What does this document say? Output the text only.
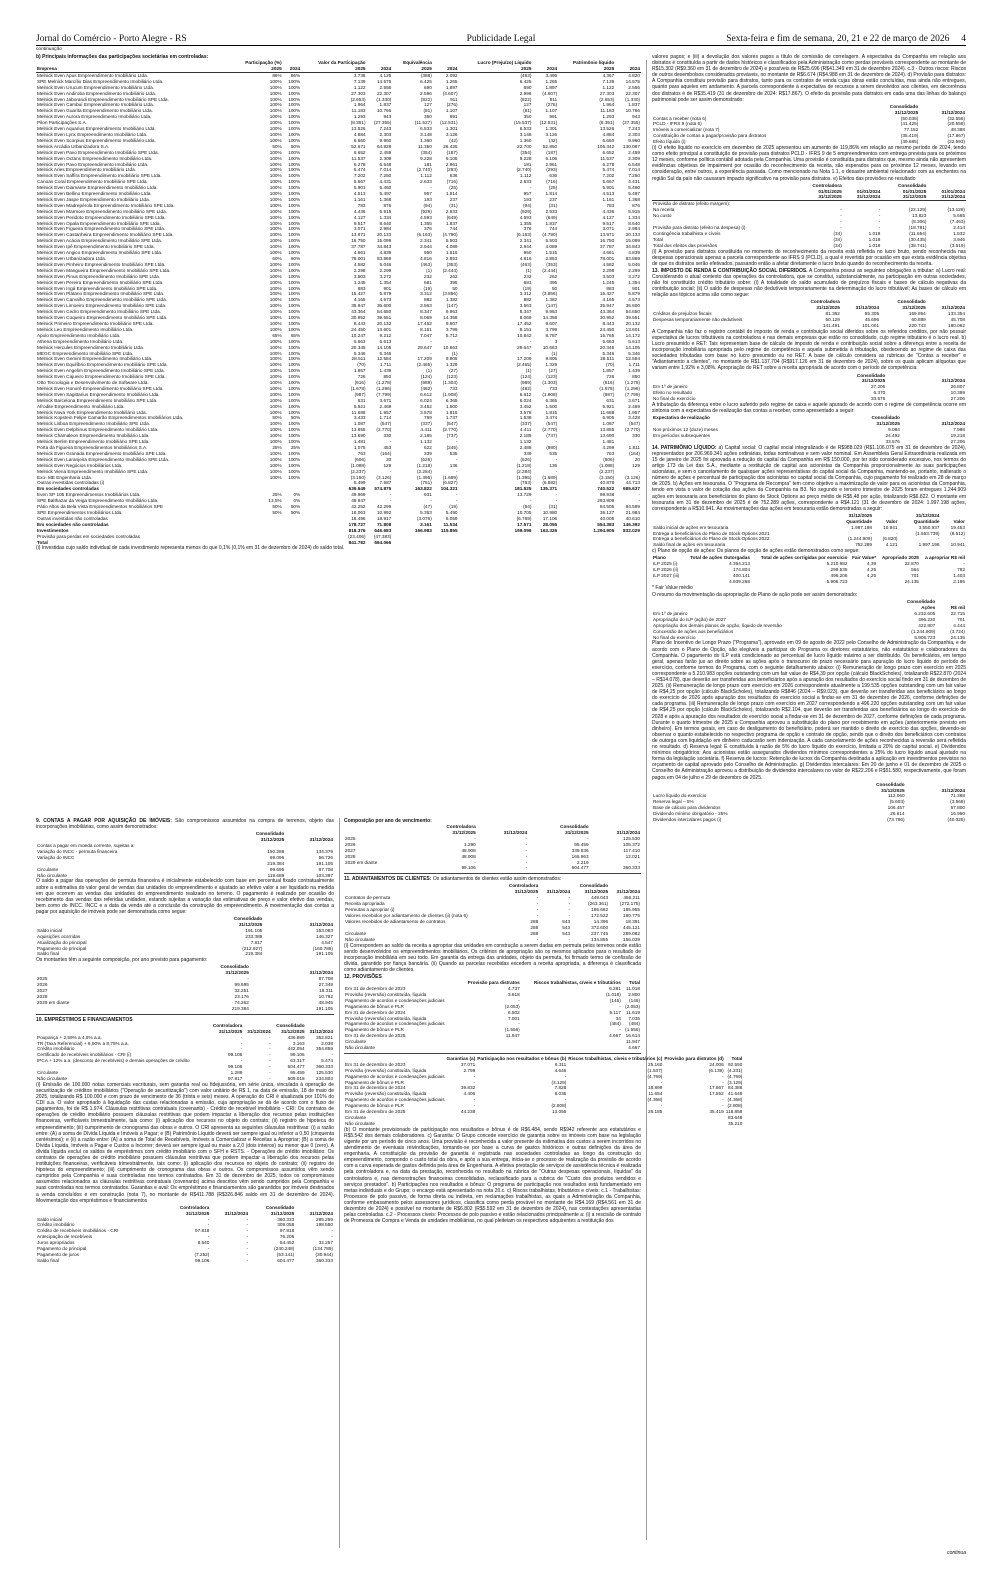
Jornal do Comércio - Porto Alegre - RS	Publicidade Legal	Sexta-feira e fim de semana, 20, 21 e 22 de março de 2026 4
continuação
b) Principais informações das participações societárias em controladas:
	Participação (%)		Valor da Participação		Equivalência		Lucro (Prejuízo) Líquido		Patrimônio líquido	
Empresa	2025	2024	2025	2024	2025	2024	2025	2024	2025	2024
Melnick Even Apus Empreendimento Imobiliário Ltda.	86%	86%	3.738	4.126	(388)	2.092	(453)	3.495	4.367	4.820
SPE Melnick Marcílio Dias Empreendimento Imobiliário Ltda.	100%	100%	7.139	14.575	6.425	1.265	6.425	1.265	7.139	14.575
Melnick Even Urucum Empreendimento Imobiliário Ltda.	100%	100%	1.122	2.556	690	1.897	690	1.897	1.122	2.556
Melnick Even Andiroba Empreendimento Imobiliário Ltda.	100%	100%	27.303	22.307	2.596	(4.607)	2.996	(4.607)	27.303	22.307
Melnick Even Jaborandi Empreendimento Imobiliário SPE Ltda.	100%	100%	(2.653)	(1.330)	(822)	911	(822)	911	(2.653)	(1.330)
Melnick Even Cambuí Empreendimento Imobiliário Ltda.	100%	100%	1.964	1.837	127	(276)	127	(276)	1.964	1.837
Melnick Even Guarita Empreendimento Imobiliário Ltda.	100%	100%	11.183	10.766	(81)	1.107	(81)	1.107	11.183	10.766
Melnick Even Aurora Empreendimento Imobiliário Ltda.	100%	100%	1.293	943	350	991	350	991	1.293	943
Pilon Participações S.A.	100%	100%	(8.351)	(27.355)	(11.527)	(12.531)	(15.537)	(12.531)	(8.351)	(27.355)
Melnick Even Aquarius Empreendimento Imobiliário Ltda.	100%	100%	13.526	7.243	6.533	1.301	6.533	1.301	13.526	7.243
Melnick Even Lynx Empreendimento Imobiliário Ltda.	100%	100%	4.884	2.303	3.148	3.126	3.148	3.126	4.884	2.303
Melnick Even Scorpius Empreendimento Imobiliário Ltda.	100%	100%	6.660	9.960	1.360	(42)	1.360	(42)	6.660	9.960
Melnick Arcádia Urbanizadora S.A.	50%	50%	52.671	64.828	11.350	26.425	22.700	52.850	105.342	130.087
Melnick Even Pavo Empreendimento Imobiliário SPE Ltda.	100%	100%	6.652	2.459	(354)	(187)	(354)	(187)	6.652	2.459
Melnick Even Octans Empreendimento Imobiliário Ltda.	100%	100%	11.537	2.309	9.228	6.105	9.228	6.105	11.537	2.309
Melnick Even Pavo Empreendimento Imobiliário Ltda.	100%	100%	6.278	6.548	181	2.961	181	2.961	6.278	6.548
Melnick Aries Empreendimento Imobiliário Ltda.	100%	100%	5.474	7.014	(2.740)	(293)	(2.740)	(293)	5.474	7.014
Melnick Even Saffira Empreendimento Imobiliário SPE Ltda.	100%	100%	7.202	7.250	1.112	636	1.112	636	7.202	7.250
Canoas Coral Empreendimento Imobiliário SPE Ltda.	100%	100%	5.667	4.431	2.633	(716)	2.633	(716)	5.667	4.431
Melnick Even Diamante Empreendimento Imobiliário Ltda.	100%	100%	5.901	5.460	-	(25)	-	(25)	5.901	5.460
Melnick Even Bellino Empreendimento Imobiliário Ltda.	100%	100%	4.513	5.497	957	1.814	957	1.814	4.513	5.497
Melnick Even Jaspe Empreendimento Imobiliário Ltda.	100%	100%	1.161	1.368	193	237	193	237	1.161	1.368
Melnick Even Madrepérola Empreendimento Imobiliário SPE Ltda.	100%	100%	783	876	(94)	(31)	(94)	(31)	783	876
Melnick Even Marmore Empreendimento Imobiliário SPE Ltda.	100%	100%	4.436	5.915	(929)	2.933	(929)	2.933	4.436	5.915
Melnick Even Peridoto Empreendimento Imobiliário SPE Ltda.	100%	100%	4.127	1.334	4.593	(649)	4.593	(649)	4.127	1.334
Melnick Even Opala Empreendimento Imobiliário SPE Ltda.	100%	100%	9.517	8.640	1.355	1.837	1.355	1.837	9.517	8.640
Melnick Even Figueira Empreendimento Imobiliário SPE Ltda.	100%	100%	3.071	2.984	376	744	376	744	3.071	2.984
Melnick Even Castanheira Empreendimento Imobiliário SPE Ltda.	100%	100%	13.971	20.133	(6.163)	(4.790)	(6.163)	(4.790)	13.971	20.133
Melnick Even Acácia Empreendimento Imobiliário SPE Ltda.	100%	100%	16.750	15.099	2.341	5.503	2.341	5.503	16.750	15.099
Melnick Even Ipê Empreendimento Imobiliário SPE Ltda.	100%	100%	37.787	34.843	2.944	4.089	2.944	4.089	37.787	34.843
Melnick Even Angico Empreendimento Imobiliário SPE Ltda.	100%	100%	4.661	4.839	950	1.515	950	1.515	4.661	4.839
Melnick Even Urbanizadora Ltda.	60%	60%	78.001	83.869	4.816	2.853	4.816	2.853	78.001	83.869
Melnick Even Pinheiro Empreendimento Imobiliário SPE Ltda.	100%	100%	4.582	5.046	(463)	(353)	(463)	(353)	4.582	5.046
Melnick Even Mangueira Empreendimento Imobiliário SPE Ltda.	100%	100%	2.298	2.299	(1)	(2.444)	(1)	(2.444)	2.298	2.299
Melnick Even Pinus Empreendimento Imobiliário SPE Ltda.	100%	100%	3.503	3.272	232	262	232	262	3.503	3.272
Melnick Even Pereira Empreendimento Imobiliário SPE Ltda.	100%	100%	1.245	1.354	681	395	681	395	1.245	1.354
Melnick Even Ingá Empreendimento Imobiliário SPE Ltda.	100%	100%	883	901	(19)	50	(19)	50	883	901
Melnick Even Plátano Empreendimento Imobiliário SPE Ltda.	100%	100%	15.427	5.879	3.312	(3.856)	3.312	(3.856)	15.427	5.879
Melnick Even Carvalho Empreendimento Imobiliário SPE Ltda.	100%	100%	4.165	4.573	882	1.382	882	1.382	4.165	4.573
Melnick Even Limoeiro Empreendimento Imobiliário SPE Ltda.	100%	100%	35.947	36.600	3.563	(147)	3.563	(147)	35.947	36.600
Melnick Even Cedro Empreendimento Imobiliário SPE Ltda.	100%	100%	43.364	54.650	8.347	9.963	8.347	9.963	43.364	54.650
Melnick Even Coqueiro Empreendimento Imobiliário SPE Ltda.	100%	100%	30.952	39.551	8.069	14.358	8.069	14.358	30.952	39.551
Melnick Primeiro Empreendimento Imobiliário SPE Ltda.	100%	100%	8.443	20.132	17.452	9.607	17.452	9.607	8.443	20.132
Melnick Leo Empreendimento Imobiliário Ltda.	100%	100%	24.450	13.601	8.151	3.799	8.151	3.799	24.450	13.601
Apolo Empreendimento Imobiliário Ltda.	65%	65%	10.247	9.212	7.047	5.712	10.842	8.787	15.765	14.172
Athena Empreendimento Imobiliário Ltda.	100%	100%	5.663	5.613	-	-	-	3	5.663	5.613
Melnick Hercules Empreendimento Imobiliário Ltda.	100%	100%	20.345	14.105	29.647	10.663	29.647	10.663	20.345	14.105
MEGC Empreendimento Imobiliário SPE Ltda.	100%	100%	5.346	5.346	-	(1)	-	(1)	5.346	5.346
Melnick Even Gemini Empreendimento Imobiliário Ltda.	100%	100%	28.511	12.584	17.209	9.805	17.209	9.805	28.511	12.584
Melnick Even Equilíbrio Empreendimento Imobiliário SPE Ltda.	100%	100%	(70)	1.711	(2.465)	1.329	(2.465)	1.329	(70)	1.711
Melnick Even Angelim Empreendimento Imobiliário SPE Ltda.	100%	100%	1.857	1.439	(1)	(27)	(1)	(27)	1.857	1.439
Melnick Even Cajueiro Empreendimento Imobiliário SPE Ltda.	100%	100%	726	850	(124)	(123)	(124)	(123)	726	850
Otto Tecnologia e Desenvolvimento de Software Ltda.	100%	100%	(616)	(1.278)	(989)	(1.303)	(989)	(1.303)	(616)	(1.278)
Melnick Even Honorê Empreendimento Imobiliário SPE Ltda.	100%	100%	(1.678)	(1.296)	(482)	733	(482)	733	(1.678)	(1.296)
Melnick Even Sagittarius Empreendimento Imobiliário Ltda.	100%	100%	(987)	(7.799)	6.612	(1.908)	6.612	(1.908)	(987)	(7.799)
Melnick Barcelona Empreendimento Imobiliário SPE Ltda.	100%	100%	631	3.671	6.024	6.365	6.024	6.365	631	3.671
Afrodite Empreendimento Imobiliário Ltda.	100%	100%	5.921	2.469	3.452	1.500	3.452	1.500	5.921	2.469
Melnick Nova York Empreendimento Imobiliário Ltda.	100%	100%	11.688	1.957	3.578	1.815	3.578	1.815	11.688	1.957
Melnick Kopstein Felipe Camarão Empreendimentos Imobiliários Ltda.	50%	50%	3.433	1.714	769	1.737	1.538	3.474	6.905	3.428
Melnick Lisboa Empreendimento Imobiliário SPE Ltda.	100%	100%	1.087	(547)	(337)	(547)	(337)	(547)	1.087	(547)
Melnick Even Delphinus Empreendimento Imobiliário Ltda.	100%	100%	13.855	(2.770)	4.411	(2.770)	4.411	(2.770)	13.855	(2.770)
Melnick Chamaleon Empreendimento Imobiliário Ltda.	100%	100%	13.690	330	2.185	(737)	2.185	(737)	13.690	330
Melnick Berlim Empreendimento Imobiliário SPE Ltda.	100%	100%	1.481	-	1.132	-	1.132	-	1.481	-
Porta da Figueira Empreendimentos Imobiliários S.A.	25%	25%	1.075	453	622	(245)	2.488	(980)	4.299	1.811
Melnick Even Granada Empreendimento Imobiliário SPE Ltda.	100%	100%	763	(164)	339	535	339	535	763	(164)
Melnick Even Laranjeira Empreendimento Imobiliário SPE Ltda.	100%	100%	(606)	20	(626)	-	(626)	-	(606)	20
Melnick Even Negócios Imobiliários Ltda.	100%	100%	(1.088)	129	(1.218)	136	(1.218)	136	(1.088)	129
Melnick Viena Empreendimento Imobiliário SPE Ltda.	100%	100%	(2.237)	-	(2.284)	-	(2.284)	-	(2.237)	-
Exo- ME Engenharia Ltda.	100%	100%	(3.150)	(3.126)	(1.395)	(1.689)	(1.395)	(1.689)	(3.150)	(3.126)
Outras investidas controladas (i)			5.499	7.587	(751)	(6.827)	(763)	(6.882)	40.878	44.713
Em sociedades controladas			639.649	574.875	163.822	104.321	181.525	135.371	740.522	685.637
Even SP 105 Empreendimentos Imobiliários Ltda.	25%	0%	49.969	-	931	-	13.729	-	99.938	-
SPE Balthazar da Veiga Empreendimento Imobiliário Ltda.	13,5%	0%	49.947	-	-	-	-	-	293.809	-
Pátio Altos da Bela Vista Empreendimentos Imobiliários SPE	50%	50%	42.252	42.299	(47)	(19)	(94)	(31)	84.505	84.599
SPE Empreendimentos Imobiliários Ltda.	50%	50%	18.063	10.992	5.353	5.490	10.705	10.980	36.127	21.984
Outras investidas não controladas			18.496	18.917	(3.076)	6.059	(6.769)	17.106	40.005	40.610
Em sociedades não controladas			178.727	71.808	3.161	11.534	17.571	28.055	554.383	146.392
Investimentos			818.376	646.683	166.983	115.855	199.096	163.326	1.294.905	832.029
Provisão para perdas em sociedades controladas			(23.406)	(47.383)						
Total			841.782	694.066						
(i) Investidas cujo saldo individual de cada investimento representa menos do que 0,1% (0,1% em 31 de dezembro de 2024) do saldo total.

valores pagos; e (iii) a devolução dos valores pagos a título de comissão de corretagem. A expectativa da Companhia em relação aos distratos é constituída a partir de dados históricos e classificados pela Administração como perdas prováveis correspondente ao montante de R$15.302 (R$9.360 em 31 de dezembro de 2024) e possíveis de R$25.696 (R$41.349 em 31 de dezembro 2024). c.3 - Outros riscos: Riscos de outros desembolsos considerados prováveis, no montante de R$6.674 (R$4.988 em 31 de dezembro de 2024). d) Provisão para distratos: A Companhia constituiu provisão para distratos, tanto para os contratos de venda cujas obras estão concluídas, mas ainda não entregues, quanto para aqueles em andamento. A parcela correspondente à expectativa de recursos a serem devolvidos aos clientes, em decorrência dos distratos é de R$35.419 (31 de dezembro de 2024: R$17.867). O efeito da provisão para distratos em cada uma das linhas do balanço patrimonial pode ser assim demonstrado:

	Consolidado	
	31/12/2025	31/12/2024
Contas a receber (nota 6)	(50.035)	(32.556)
PCLD - IFRS 9 (nota 6)	(41.425)	(20.558)
Imóveis a comercializar (nota 7)	77.152	48.388
Constituição de contas a pagar/provisão para distratos	(35.419)	(17.867)
Efeito líquido (i)	(49.685)	(22.593)

(i) O efeito líquido no exercício em dezembro de 2025 apresentou um aumento de 119,86% em relação ao mesmo período de 2024, tendo como efeito principal a constituição de provisão para distratos PCLD - IFRS 9 de 5 empreendimentos com entrega prevista para os próximos 12 meses, conforme política contábil adotada pela Companhia. Uma provisão é constituída para distratos que, mesmo ainda não apresentem evidências objetivas de impairment por ocasião do reconhecimento da receita, são esperados para os próximos 12 meses, levando em consideração, entre outros, a experiência passada. Como mencionado na Nota 1.1, o desastre ambiental relacionado com as enchentes na região Sul da país não causaram impacto significativo na provisão para distratos. e) Efeitos das provisões no resultado

	Controladora		Consolidado	
	01/01/2025	01/01/2024	01/01/2025	01/01/2024
	31/12/2025	31/12/2024	31/12/2025	31/12/2024
Provisão de distrato (efeito margem):				
Na receita	-	-	(22.129)	(13.128)
No custo	-	-	13.823	5.665
	-	-	(8.306)	(7.463)
Provisão para distrato (efeito na despesa) (i)	-	-	(18.781)	2.414
Contingência trabalhista e cíveis	(34)	1.018	(11.654)	1.532
Total	(34)	1.018	(30.435)	3.946
Total dos efeitos das provisões	(34)	1.018	(38.741)	(3.519)

(i) A provisão para distratos constituída no momento do reconhecimento da receita está refletida no lucro bruto, sendo reconhecida nas despesas operacionais apenas a parcela correspondente ao IFRS 9 (PCLD), a qual é revertida por ocasião em que exista evidência objetiva de que os distratos serão efetivados, passando então a afetar diretamente o lucro bruto quando do reconhecimento da receita.

13. IMPOSTO DE RENDA E CONTRIBUIÇÃO SOCIAL DIFERIDOS. A Companhia possui as seguintes obrigações a tributar: a) Lucro real: Considerando o atual contexto das operações da controladora, que se constitui, substancialmente, na participação em outras sociedades, não foi constituído crédito tributário sobre: (i) A totalidade do saldo acumulado de prejuízos fiscais e bases de cálculo negativas da contribuição social; (ii) O saldo de despesas não dedutíveis temporariamente na determinação do lucro tributável; As bases de cálculo em relação aos tópicos acima são como segue:

	Controladora		Consolidado	
	31/12/2025	31/12/2024	31/12/2025	31/12/2024
Créditos de prejuízos fiscais	81.362	55.305	159.854	133.354
Despesas temporariamente não dedutíveis	60.129	45.696	60.889	45.708
	141.491	101.001	220.743	180.062

A Companhia não faz o registro contábil do imposto de renda e contribuição social diferidos sobre os referidos créditos, por não possuir expectativa de lucros tributáveis na controladora e nas demais empresas que estão no consolidado, cujo regime tributário é o lucro real. b) Lucro presumido e RET: Tais representam base de cálculo de imposto de renda e contribuição social sobre a diferença entre a receita de incorporação imobiliária apropriada pelo regime de competência e aquela submetida à tributação, obedecendo ao regime de caixa das sociedades tributadas com base no lucro presumido ou no RET. A base de cálculo considera as rubricas de "Contas a receber" e "Adiantamento a clientes", no montante de R$1.137.704 (R$917.126 em 31 de dezembro de 2024), sobre os quais aplicam alíquotas que variam entre 1,92% e 3,08%. Apropriação do RET sobre a receita apropriada de acordo com o período de competência:

	Consolidado	
	31/12/2025	31/12/2024
Em 1º de janeiro	27.206	26.807
Efeito no resultado	6.370	10.399
No final do exercício	33.576	27.206

A tributação da diferença entre o lucro auferido pelo regime de caixa e aquele apurado de acordo com o regime de competência ocorre em sintonia com a expectativa de realização das contas a receber, como apresentado a seguir:

Expectativa de realização	Consolidado	
	31/12/2025	31/12/2024
Nos próximos 12 (doze) meses	9.084	7.988
Em períodos subsequentes	24.492	19.218
	33.576	27.206

14. PATRIMÔNIO LÍQUIDO: a) Capital social: O capital social integralizado é de R$988.029 (R$1.106.075 em 31 de dezembro de 2024), representados por 206.969.341 ações ordinárias, todas nominativas e sem valor nominal. Em Assembleia Geral Extraordinária realizada em 15 de janeiro de 2025 foi aprovada a redução do capital da Companhia em R$ 150.000, por ter sido considerado excessivo, nos termos do artigo 173 da Lei das S.A., mediante a restituição de capital aos acionistas da Companhia proporcionalmente às suas participações acionárias, e sem o cancelamento de quaisquer ações representativas do capital social da Companhia, mantendo-se, portanto, inalterado o número de ações e percentual de participação dos acionistas no capital social da Companhia, cujo pagamento foi realizado em 28 de março de 2025. b) Ações em tesouraria. O "Programa de Recompra" tem como objetivo a maximização de valor para os acionistas da Companhia, tendo em vista o valor de cotação das ações da Companhia na B3. No segundo e terceiro trimestre de 2025 foram entregues 1.244.909 ações em tesouraria aos beneficiários do plano de Stock Options ao preço médio de R$5,48 por ação, totalizando R$6.822. O montante em tesouraria em 31 de dezembro de 2025 é de 752.289 ações, correspondente a R$4.121 (31 de dezembro de 2024: 1.997.198 ações, correspondente a R$10.941. As movimentações das ações em tesouraria estão demonstradas a seguir:

	31/12/2025		31/12/2024	
	Quantidade	Valor	Quantidade	Valor
Saldo inicial de ações em tesouraria	1.997.198	10.941	3.550.937	19.453
Entrega a beneficiários do Plano de Stock Options 2021	-	-	(1.553.739)	(8.512)
Entrega a beneficiários do Plano de Stock Options 2022	(1.244.909)	(6.820)	-	-
Saldo final de ações em tesouraria	752.289	4.121	1.997.198	10.941

c) Plano de opção de ações: Os planos de opção de ações estão demonstrados como segue:

Plano	Total de ações Outorgadas	Total de ações corrigidas por exercício	Fair Value*	Apropriado 2025	a apropriar R$ mil
ILP 2025 (i)	4.364.213	5.210.982	4,39	22.870	-
ILP 2026 (ii)	174.804	299.535	4,25	564	782
ILP 2027 (iii)	400.141	496.206	4,25	701	1.403
	4.939.268	5.906.723		24.135	2.185

* Fair Value médio

O resumo da movimentação da apropriação do Plano de ação pode ser assim demonstrado:

	Consolidado	
	Ações	R$ mil
Em 1º de janeiro	6.232.605	22.715
Apropriação do ILP (ação) de 2027	496.220	701
Apropriação dos demais planos de opção, líquido de reversão	422.807	4.444
Concessão de ações aos beneficiários	(1.244.909)	(3.724)
No final do exercício	5.906.723	24.135

Plano de Incentivo de Longo Prazo ("Programa"), aprovado em 09 de agosto de 2022 pelo Conselho de Administração da Companhia, e de acordo com o Plano de Opção, são elegíveis a participar do Programa os diretores estatutários, não estatutários e colaboradores da Companhia. O pagamento do ILP está condicionado ao percentual de lucro líquido máximo a ser distribuído. Os beneficiários, em tempo geral, apenas farão jus ao direito sobre as ações após o transcurso do prazo necessário para apuração do lucro líquido do período de exercício, conforme termos do Programa, com o seguinte detalhamento abaixo: (i) Remuneração de longo prazo com exercício em 2025 correspondente a 5.210.983 opções outstanding com um fair value de R$4,39 por opção (cálculo BlackScholes), totalizando R$22.870 (2024 – R$14.078), que deverão ser transferidas aos beneficiários após a apuração dos resultados do exercício social findo em 31 de dezembro de 2025. (ii) Remuneração de longo prazo com exercício em 2026 correspondente atualmente a 199.535 opções outstanding com um fair value de R$4,25 por opção (cálculo BlackScholes), totalizando R$846 (2024 – R$9.023), que deverão ser transferidas aos beneficiários ao longo do exercício de 2026 após apuração dos resultados do exercício social a findar-se em 31 de dezembro de 2026, conforme definições de cada programa. (iii) Remuneração de longo prazo com exercício em 2027 correspondendo a 496.220 opções outstanding com um fair value de R$4,25 por opção (cálculo BlackScholes), totalizando R$2.104, que deverão ser transferidas aos beneficiários ao longo do exercício de 2028 e após a apuração dos resultados do exercício social a findar-se em 31 de dezembro de 2027, conforme definições de cada programa. Durante o quarto trimestre de 2025 a Companhia aprovou a substituição do plano por recebimento em ações (anteriormente previsto em dinheiro). Em termos gerais, em caso de desligamento do beneficiário, poderá ser mantido o direito de exercício das opções, devendo-se observar o quanto estabelecido no respectivo programa de opção e contrato de opção, sendo que o direito dos beneficiários com contratos de outorga com liquidação em dinheiro caducarão sem indenização. A cada cancelamento de ações reconhecidas a reversão será refletida no resultado. d) Reserva legal: É constituída à razão de 5% do lucro líquido do exercício, limitada a 20% do capital social. e) Dividendos mínimos obrigatórios: Aos acionistas estão assegurados dividendos mínimos correspondentes a 25% do lucro líquido anual ajustado na forma da legislação societária. f) Reserva de lucros: Retenção de lucros da Companhia destinada a aplicação em investimentos previstos no orçamento de capital aprovado pelo Conselho de Administração. g) Dividendos intercalares: Em 20 de junho e 01 de dezembro de 2025 o Conselho de Administração aprovou a distribuição de dividendos intercalares no valor de R$22.206 e R$51.580, respectivamente, que foram pagos em 04 de julho e 29 de dezembro de 2025.

	Consolidado	
	31/12/2025	31/12/2024
Lucro líquido do exercício	112.060	71.368
Reserva legal – 5%	(5.603)	(3.568)
Base de cálculo para dividendos	106.457	67.800
Dividendo mínimo obrigatório - 25%	26.614	16.950
Dividendos intercalares pagos (i)	(73.786)	(40.025)

9. CONTAS A PAGAR POR AQUISIÇÃO DE IMÓVEIS: São compromissos assumidos na compra de terrenos, objeto das incorporações imobiliárias, como assim demonstrados:

	Consolidado	
	31/12/2025	31/12/2024
Contas a pagar em moeda corrente, sujeitas a:		
Variação do INCC - permuta financeira	150.288	134.379
Variação do INCC	69.096	56.726
	219.384	191.105
Circulante	99.695	87.708
Não circulante	119.689	103.397

O saldo a pagar das operações de permuta financeira é inicialmente estabelecido com base em percentual fixado contratualmente sobre a estimativa do valor geral de vendas das unidades do empreendimento e ajustado ao efetivo valor a ser liquidado na medida em que ocorrem as vendas das unidades do empreendimento realizado no terreno. O pagamento é realizado por ocasião do recebimento das vendas das referidas unidades, estando sujeitas a variação das estimativas de preço e valor efetivo das vendas, bem como do INCC. INCC e a data da venda até a conclusão da construção do empreendimento. A movimentação das contas a pagar por aquisição de imóveis pode ser demonstrada como segue:

	Consolidado	
	31/12/2025	31/12/2024
Saldo inicial	191.105	153.083
Aquisições ocorridas	233.389	146.327
Atualização do principal	7.817	4.547
Pagamento do principal	(212.927)	(160.788)
Saldo final	219.384	191.105

Os montantes têm a seguinte composição, por ano previsto para pagamento:

	Consolidado	
	31/12/2025	31/12/2024
2025	-	87.708
2026	99.695	27.349
2027	32.251	18.311
2028	23.176	10.792
2029 em diante	74.262	48.945
	219.384	191.105
10. EMPRÉSTIMOS E FINANCIAMENTOS
	Controladora		Consolidado	
	31/12/2025	31/12/2024	31/12/2025	31/12/2024
Poupança + 2,59% a 4,5% a.a.	-	-	436.889	352.821
TR (Taxa Referencial) + 6,90% a 8,75% a.a.	-	-	3.163	2.038
Crédito imobiliário	-	-	442.054	354.859
Certificado de recebíveis imobiliários - CRI (i)	99.106	-	99.106	-
IPCA + 12% a.a. (desconto de recebíveis) e demais operações de crédito	-	-	63.317	5.474
	99.106	-	604.477	360.333
Circulante	1.289	-	95.459	125.530
Não circulante	97.817	-	509.018	234.803

(i) Emissão de 100.000 notas comerciais escriturais, sem garantia real ou fidejussória, em série única, vinculada à operação de securitização de créditos imobiliários ("Operação de securitização") com valor unitário de R$ 1, na data de emissão, 18 de maio de 2025, totalizando R$ 100.000 e com prazo de vencimento de 36 (trinta e seis) meses. A operação do CRI é atualizada por 101% do CDI a.a. O valor apropriado à liquidação das custas relacionadas a emissão, cuja apropriação se dá de acordo com o fluxo de pagamentos, foi de R$ 1.974. Cláusulas restritivas contratuais (covenants) - Crédito de recebível imobiliário - CRI: Os contratos de operações de crédito imobiliário possuem cláusulas restritivas que podem impactar a liberação dos recursos pelas instituições financeiras, verificáveis trimestralmente, tais como: (i) aplicação dos recursos no objeto do contrato; (ii) registro de hipoteca do empreendimento; (iii) cumprimento de cronograma das obras e outros. O CRI apresenta as seguintes cláusulas restritivas: (i) a razão entre: (A) a soma de Dívida Líquida e Imóveis a Pagar; e (B) Patrimônio Líquido deverá ser sempre igual ou inferior a 0,50 (cinquenta centésimos); e (ii) a razão entre: (A) a soma de Total de Recebíveis, Imóveis a Comercializar e Receitas a Apropriar; (B) a soma de Dívida Líquida, Imóveis a Pagar e Custos a Incorrer; deverá ser sempre igual ou maior a 2,0 (dois inteiros) ou menor que 0 (zero). A dívida líquida excluí os saldos de empréstimos com crédito imobiliário com o SFH e RSTS. - Operações de crédito imobiliário: Os contratos de operações de crédito imobiliário possuem cláusulas restritivas que podem impactar a liberação dos recursos pelas instituições financeiras, verificáveis trimestralmente, tais como: (i) aplicação dos recursos no objeto do contrato; (ii) registro de hipoteca do empreendimento; (iii) cumprimento de cronograma das obras e outros. Os compromissos assumidos vêm sendo cumpridos pela Companhia e suas controladas nos termos contratados. Em 31 de dezembro de 2025, todos os compromissos assumidos relacionados as cláusulas restritivas contratuais (covenants) acima descritos vêm sendo cumpridos pela Companhia e suas controladas nos termos contratados. Garantias e aval: Os empréstimos e financiamentos são garantidos por imóveis destinados a venda concluídos e em construção (nota 7), no montante de R$411.788 (R$326.846 saldo em 31 de dezembro de 2024). Movimentação dos empréstimos e financiamentos

	Controladora		Consolidado	
	31/12/2025	31/12/2024	31/12/2025	31/12/2024
Saldo inicial	-	-	360.333	285.259
Crédito imobiliário	-	-	309.058	198.550
Crédito de recebíveis imobiliários - CRI	97.818	-	97.818	-
Antecipação de recebíveis	-	-	76.205	-
Juros apropriados	8.540	-	54.452	32.257
Pagamento do principal	-	-	(240.248)	(134.789)
Pagamento de juros	(7.252)	-	(53.141)	(30.944)
Saldo final	99.106	-	604.477	360.333
Composição por ano de vencimento:
	Controladora		Consolidado	
	31/12/2025	31/12/2024	31/12/2025	31/12/2024
2025	-	-	-	125.530
2026	1.290	-	95.459	105.372
2027	48.908	-	339.936	117.410
2028	48.908	-	166.963	12.021
2029 em diante	-	-	2.219	-
	99.106	-	604.477	360.333

11. ADIANTAMENTOS DE CLIENTES: Os adiantamentos de clientes estão assim demonstrados:

	Controladora		Consolidado	
	31/12/2025	31/12/2024	31/12/2025	31/12/2024
Contratos de permuta	-	-	449.043	456.211
Receita apropriada	-	-	(263.361)	(272.175)
Permutas a apropriar (i)	-	-	185.682	185.955
Valores recebidos por adiantamento de clientes (ii) (nota 6)	-	-	172.522	190.775
Valores recebidos de adiantamento de contratos	288	543	14.396	18.391
	288	543	372.600	445.121
Circulante	288	543	237.745	289.082
Não circulante	-	-	134.855	156.039

(i) Correspondem ao saldo da receita a apropriar das unidades em construção a serem dadas em permuta pelos terrenos onde estão sendo desenvolvidos os empreendimentos imobiliários. Os critérios de apropriação são os mesmos aplicados para o resultado de incorporação imobiliária em seu todo. Em garantia da entrega das unidades, objeto da permuta, foi firmado termo de confissão de dívida, garantido por fiança bancária. (ii) Quando as parcelas recebidas excedem a receita apropriada, a diferença é classificada como adiantamento de clientes.

12. PROVISÕES
	Provisão para distratos	Riscos trabalhistas, cíveis e tributários	Total
Em 31 de dezembro de 2023	4.737	6.281	11.018
Provisão (reversão) constituída, líquida	3.818	(1.018)	2.800
Pagamento de acordos e condenações judiciais	-	(146)	(146)
Pagamento de bônus e PLR	(2.053)	-	(2.053)
Em 31 de dezembro de 2024	6.502	5.117	11.619
Provisão (reversão) constituída, líquida	7.001	34	7.035
Pagamento de acordos e condenações judiciais	-	(484)	(484)
Pagamento de bônus e PLR	(1.556)	-	(1.556)
Em 31 de dezembro de 2025	11.947	4.667	16.614
Circulante			11.947
Não circulante			4.667
	Garantias (a)	Participação nos resultados e bônus (b)	Riscos trabalhistas, cíveis e tributários (c)	Provisão para distratos (d)	Total
Em 31 de dezembro de 2023	37.071	6.311	25.160	24.006	92.550
Provisão (reversão) constituída, líquida	2.799	4.646	(1.537)	(6.139)	(4.231)
Pagamento de acordos e condenações judiciais	-	-	(4.769)	-	(4.769)
Pagamento de bônus e PLR	-	(3.129)	-	-	(3.129)
Em 31 de dezembro de 2024	39.832	7.828	18.899	17.867	84.386
Provisão (reversão) constituída, líquida	4.406	8.036	11.654	17.552	41.648
Pagamento de acordos e condenações judiciais	-	-	(4.368)	-	(4.368)
Pagamento de bônus e PLR	-	(2.808)	-	-	(2.808)
Em 31 de dezembro de 2025	44.238	13.056	26.185	35.419	118.858
Circulante					83.648
Não circulante					35.210

(b) O montante provisionado de participação nos resultados e bônus é de R$6.484, sendo R$942 referente aos estatutários e R$5.542 dos demais colaboradores. c) Garantia: O Grupo concede exercício de garantia sobre os imóveis com base na legislação vigente por um período de cinco anos. Uma provisão é reconhecida a valor presente da estimativa dos custos a serem incorridos no atendimento de eventuais reivindicações, tomando-se por base a curva de gastos históricos e outras definições da área de engenharia. A constituição da provisão de garantia é registrada nas sociedades controladas ao longo da construção do empreendimento, compondo o custo total da obra, e após a sua entrega, inicia-se o processo de realização da provisão de acordo com a curva esperada de gastos definida pela área de Engenharia. A efetiva prestação de serviços de assistência técnica é realizada pela controladora e, na data da prestação, reconhecida no resultado na rubrica de "Outras despesas operacionais, líquidas" da controladora e, nas demonstrações financeiras consolidadas, reclassificado para a rubrica de "Custo dos produtos vendidos e serviços prestados". b) Participações nos resultados e bônus: O programa de participação nos resultados está fundamentado em metas individuais e do Grupo; o encargo está apresentado na nota 20.c. c) Riscos trabalhistas, tributários e cíveis: c.1 - Trabalhistas: Processos de polo passivo, de forma direta ou indireta, em reclamações trabalhistas, as quais a Administração da Companhia, conforme embasamento pelos assessores jurídicos, classifica como perda provável no montante de R$4.169 (R$4.561 em 31 de dezembro de 2024) e possível no montante de R$6.802 (R$5.592 em 31 de dezembro de 2024), nas contestações apresentadas pelas controladas. c.2 - Processos cíveis: Processos de polo passivo e estão relacionados principalmente a: (i) a rescisão de contrato de Promessa de Compra e Venda de unidades imobiliárias, no qual pleiteiam os respectivos adquirentes a restituição dos

continua
